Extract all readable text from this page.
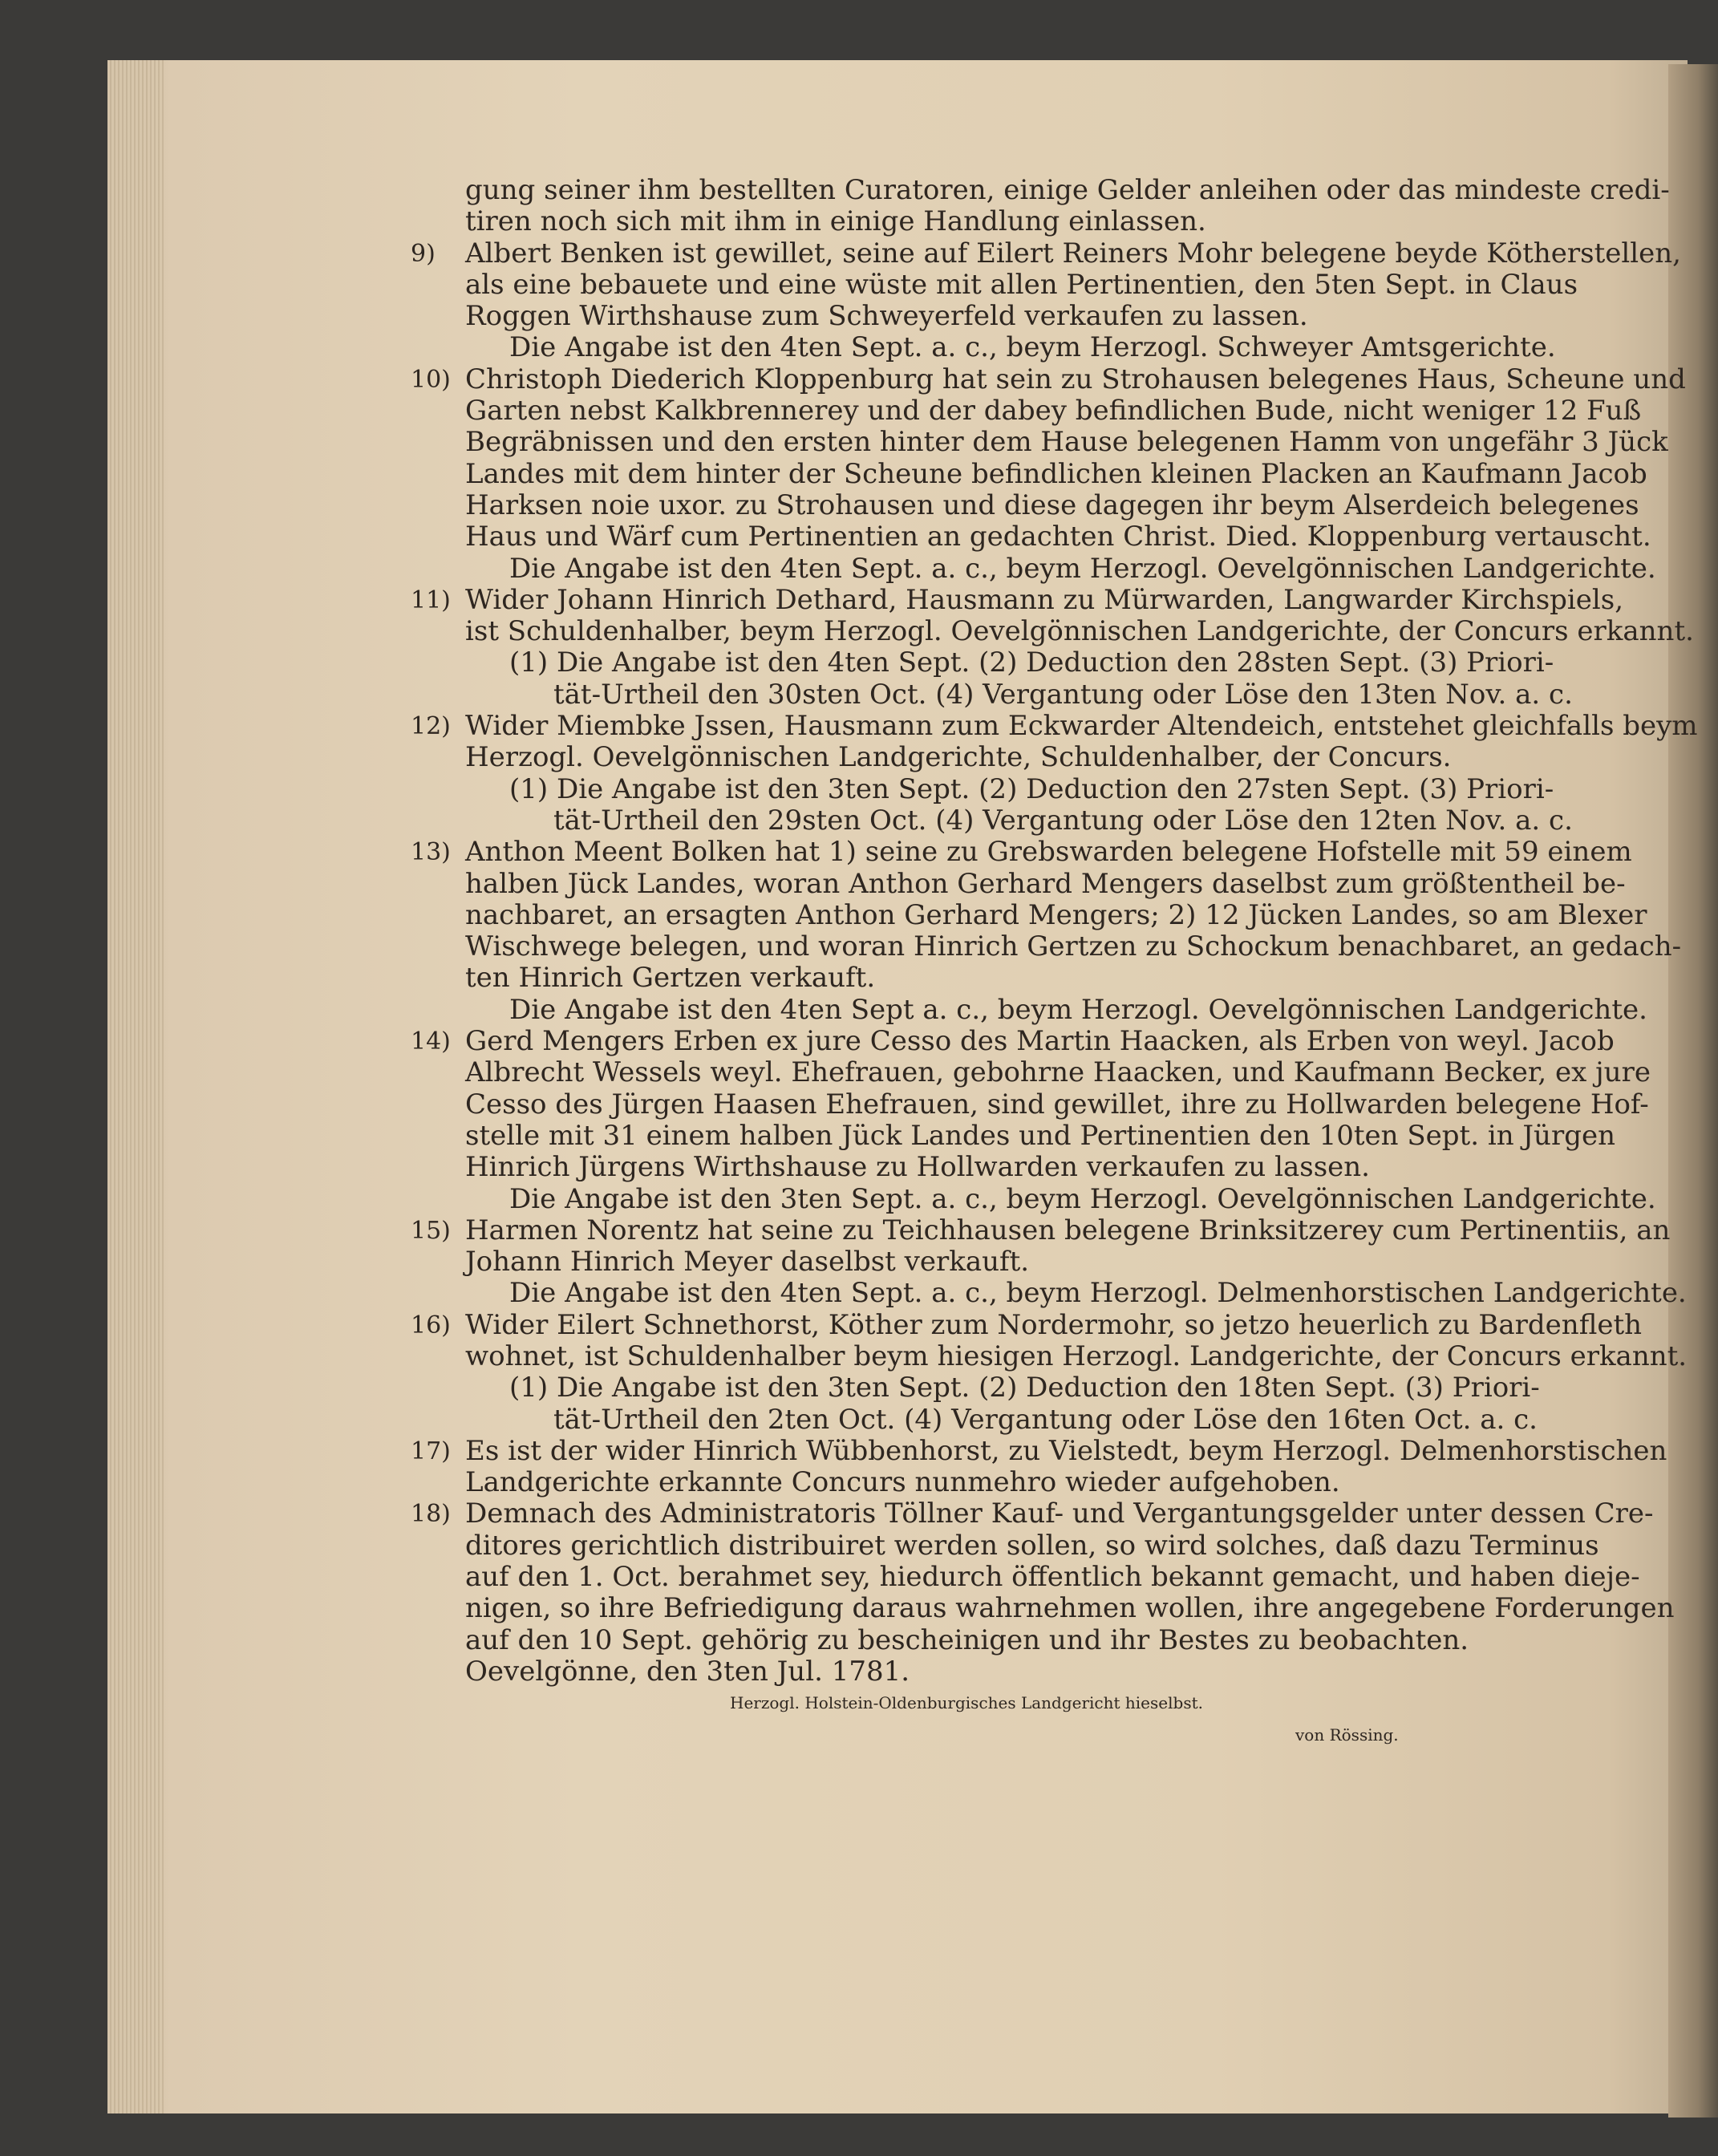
gung seiner ihm bestellten Curatoren, einige Gelder anleihen oder das mindeste credi-
tiren noch sich mit ihm in einige Handlung einlassen.
9) Albert Benken ist gewillet, seine auf Eilert Reiners Mohr belegene beyde Kötherstellen,
als eine bebauete und eine wüste mit allen Pertinentien, den 5ten Sept. in Claus
Roggen Wirthshause zum Schweyerfeld verkaufen zu lassen.
Die Angabe ist den 4ten Sept. a. c., beym Herzogl. Schweyer Amtsgerichte.
10) Christoph Diederich Kloppenburg hat sein zu Strohausen belegenes Haus, Scheune und
Garten nebst Kalkbrennerey und der dabey befindlichen Bude, nicht weniger 12 Fuß
Begräbnissen und den ersten hinter dem Hause belegenen Hamm von ungefähr 3 Jück
Landes mit dem hinter der Scheune befindlichen kleinen Placken an Kaufmann Jacob
Harksen noie uxor. zu Strohausen und diese dagegen ihr beym Alserdeich belegenes
Haus und Wärf cum Pertinentien an gedachten Christ. Died. Kloppenburg vertauscht.
Die Angabe ist den 4ten Sept. a. c., beym Herzogl. Oevelgönnischen Landgerichte.
11) Wider Johann Hinrich Dethard, Hausmann zu Mürwarden, Langwarder Kirchspiels,
ist Schuldenhalber, beym Herzogl. Oevelgönnischen Landgerichte, der Concurs erkannt.
(1) Die Angabe ist den 4ten Sept. (2) Deduction den 28sten Sept. (3) Priori-
tät-Urtheil den 30sten Oct. (4) Vergantung oder Löse den 13ten Nov. a. c.
12) Wider Miembke Jssen, Hausmann zum Eckwarder Altendeich, entstehet gleichfalls beym
Herzogl. Oevelgönnischen Landgerichte, Schuldenhalber, der Concurs.
(1) Die Angabe ist den 3ten Sept. (2) Deduction den 27sten Sept. (3) Priori-
tät-Urtheil den 29sten Oct. (4) Vergantung oder Löse den 12ten Nov. a. c.
13) Anthon Meent Bolken hat 1) seine zu Grebswarden belegene Hofstelle mit 59 einem
halben Jück Landes, woran Anthon Gerhard Mengers daselbst zum größtentheil be-
nachbaret, an ersagten Anthon Gerhard Mengers; 2) 12 Jücken Landes, so am Blexer
Wischwege belegen, und woran Hinrich Gertzen zu Schockum benachbaret, an gedach-
ten Hinrich Gertzen verkauft.
Die Angabe ist den 4ten Sept a. c., beym Herzogl. Oevelgönnischen Landgerichte.
14) Gerd Mengers Erben ex jure Cesso des Martin Haacken, als Erben von weyl. Jacob
Albrecht Wessels weyl. Ehefrauen, gebohrne Haacken, und Kaufmann Becker, ex jure
Cesso des Jürgen Haasen Ehefrauen, sind gewillet, ihre zu Hollwarden belegene Hof-
stelle mit 31 einem halben Jück Landes und Pertinentien den 10ten Sept. in Jürgen
Hinrich Jürgens Wirthshause zu Hollwarden verkaufen zu lassen.
Die Angabe ist den 3ten Sept. a. c., beym Herzogl. Oevelgönnischen Landgerichte.
15) Harmen Norentz hat seine zu Teichhausen belegene Brinksitzerey cum Pertinentiis, an
Johann Hinrich Meyer daselbst verkauft.
Die Angabe ist den 4ten Sept. a. c., beym Herzogl. Delmenhorstischen Landgerichte.
16) Wider Eilert Schnethorst, Köther zum Nordermohr, so jetzo heuerlich zu Bardenfleth
wohnet, ist Schuldenhalber beym hiesigen Herzogl. Landgerichte, der Concurs erkannt.
(1) Die Angabe ist den 3ten Sept. (2) Deduction den 18ten Sept. (3) Priori-
tät-Urtheil den 2ten Oct. (4) Vergantung oder Löse den 16ten Oct. a. c.
17) Es ist der wider Hinrich Wübbenhorst, zu Vielstedt, beym Herzogl. Delmenhorstischen
Landgerichte erkannte Concurs nunmehro wieder aufgehoben.
18) Demnach des Administratoris Töllner Kauf- und Vergantungsgelder unter dessen Cre-
ditores gerichtlich distribuiret werden sollen, so wird solches, daß dazu Terminus
auf den 1. Oct. berahmet sey, hiedurch öffentlich bekannt gemacht, und haben dieje-
nigen, so ihre Befriedigung daraus wahrnehmen wollen, ihre angegebene Forderungen
auf den 10 Sept. gehörig zu bescheinigen und ihr Bestes zu beobachten.
Oevelgönne, den 3ten Jul. 1781.
Herzogl. Holstein-Oldenburgisches Landgericht hieselbst.
von Rössing.
